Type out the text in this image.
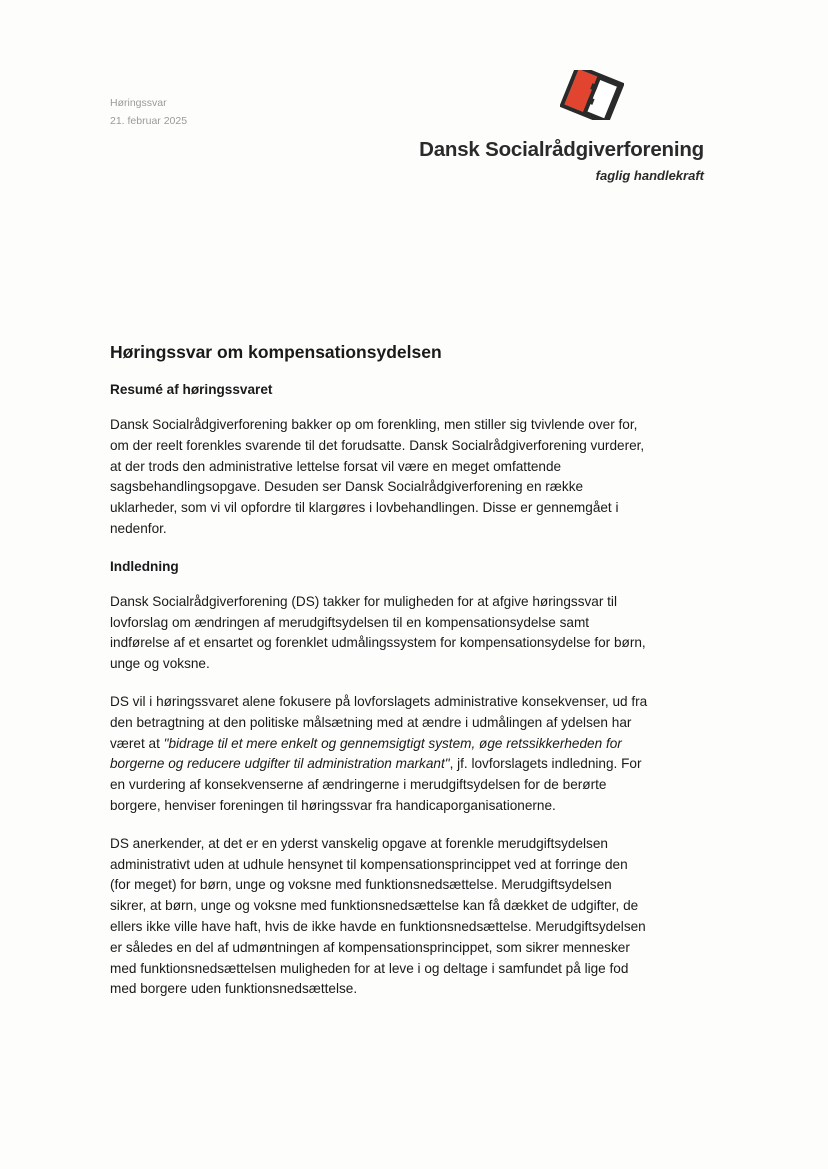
Høringssvar
21. februar 2025
Dansk Socialrådgiverforening
faglig handlekraft
Høringssvar om kompensationsydelsen
Resumé af høringssvaret

Dansk Socialrådgiverforening bakker op om forenkling, men stiller sig tvivlende over for, om der reelt forenkles svarende til det forudsatte. Dansk Socialrådgiverforening vurderer, at der trods den administrative lettelse forsat vil være en meget omfattende sagsbehandlingsopgave. Desuden ser Dansk Socialrådgiverforening en række uklarheder, som vi vil opfordre til klargøres i lovbehandlingen. Disse er gennemgået i nedenfor.

Indledning

Dansk Socialrådgiverforening (DS) takker for muligheden for at afgive høringssvar til lovforslag om ændringen af merudgiftsydelsen til en kompensationsydelse samt indførelse af et ensartet og forenklet udmålingssystem for kompensationsydelse for børn, unge og voksne.

DS vil i høringssvaret alene fokusere på lovforslagets administrative konsekvenser, ud fra den betragtning at den politiske målsætning med at ændre i udmålingen af ydelsen har været at "bidrage til et mere enkelt og gennemsigtigt system, øge retssikkerheden for borgerne og reducere udgifter til administration markant", jf. lovforslagets indledning. For en vurdering af konsekvenserne af ændringerne i merudgiftsydelsen for de berørte borgere, henviser foreningen til høringssvar fra handicaporganisationerne.

DS anerkender, at det er en yderst vanskelig opgave at forenkle merudgiftsydelsen administrativt uden at udhule hensynet til kompensationsprincippet ved at forringe den (for meget) for børn, unge og voksne med funktionsnedsættelse. Merudgiftsydelsen sikrer, at børn, unge og voksne med funktionsnedsættelse kan få dækket de udgifter, de ellers ikke ville have haft, hvis de ikke havde en funktionsnedsættelse. Merudgiftsydelsen er således en del af udmøntningen af kompensationsprincippet, som sikrer mennesker med funktionsnedsættelsen muligheden for at leve i og deltage i samfundet på lige fod med borgere uden funktionsnedsættelse.
